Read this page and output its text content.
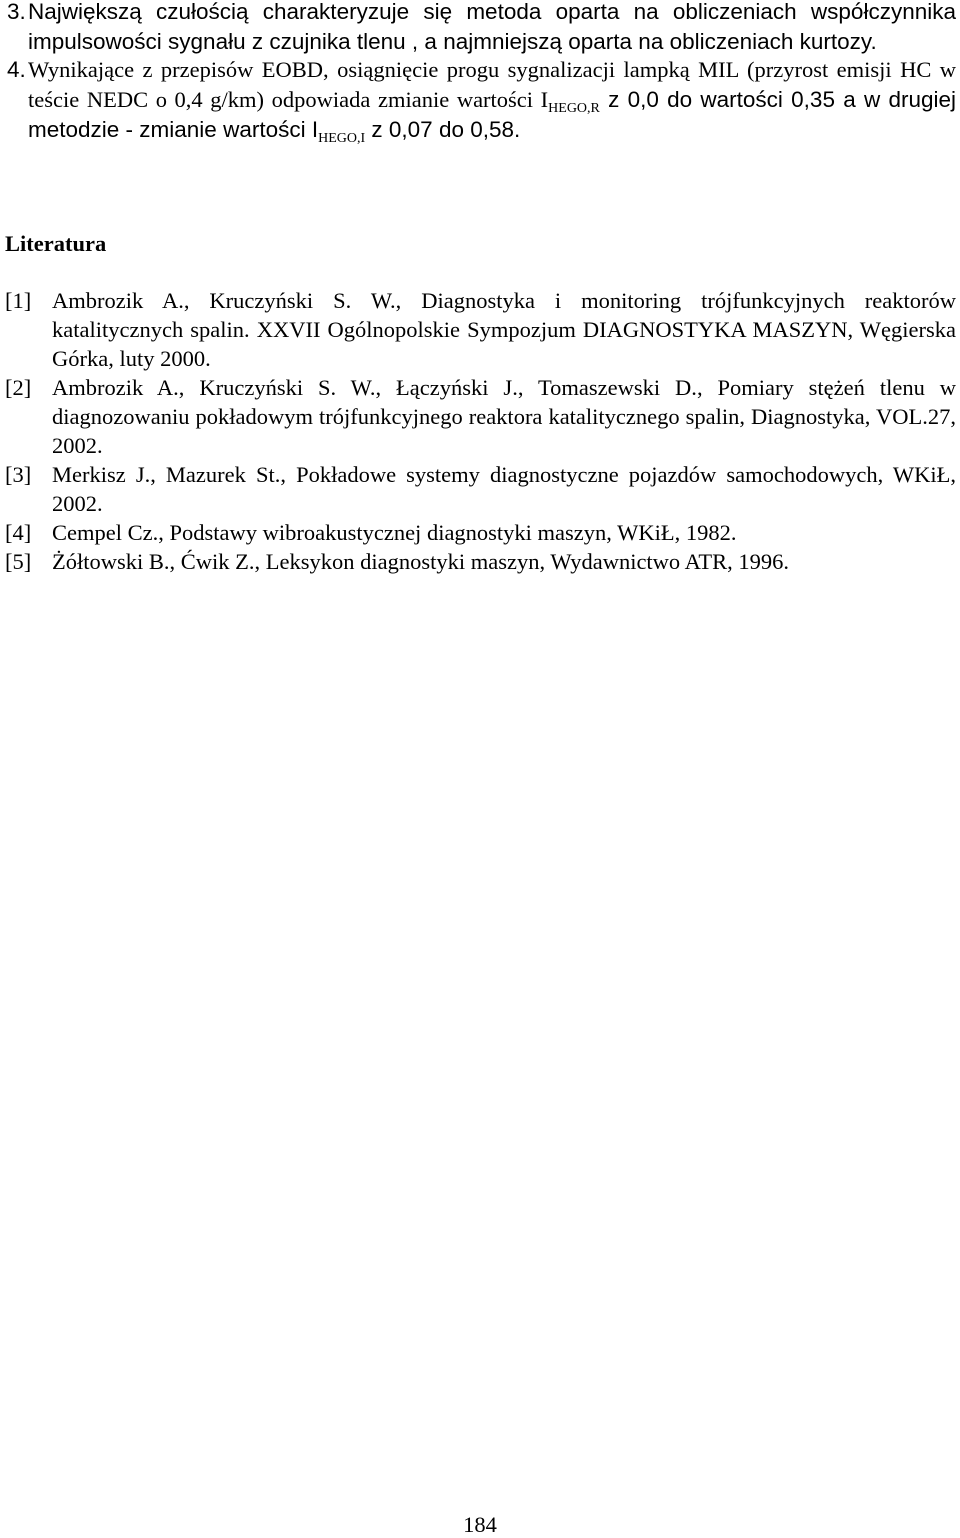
3. Największą czułością charakteryzuje się metoda oparta na obliczeniach współczynnika impulsowości sygnału z czujnika tlenu , a najmniejszą oparta na obliczeniach kurtozy.
4. Wynikające z przepisów EOBD, osiągnięcie progu sygnalizacji lampką MIL (przyrost emisji HC w teście NEDC o 0,4 g/km) odpowiada zmianie wartości $I_{HEGO,R}$ z 0,0 do wartości 0,35 a w drugiej metodzie - zmianie wartości $I_{HEGO,I}$ z 0,07 do 0,58.
Literatura
[1] Ambrozik A., Kruczyński S. W., Diagnostyka i monitoring trójfunkcyjnych reaktorów katalitycznych spalin. XXVII Ogólnopolskie Sympozjum DIAGNOSTYKA MASZYN, Węgierska Górka, luty 2000.
[2] Ambrozik A., Kruczyński S. W., Łączyński J., Tomaszewski D., Pomiary stężeń tlenu w diagnozowaniu pokładowym trójfunkcyjnego reaktora katalitycznego spalin, Diagnostyka, VOL.27, 2002.
[3] Merkisz J., Mazurek St., Pokładowe systemy diagnostyczne pojazdów samochodowych, WKiŁ, 2002.
[4] Cempel Cz., Podstawy wibroakustycznej diagnostyki maszyn, WKiŁ, 1982.
[5] Żółtowski B., Ćwik Z., Leksykon diagnostyki maszyn, Wydawnictwo ATR, 1996.
184
